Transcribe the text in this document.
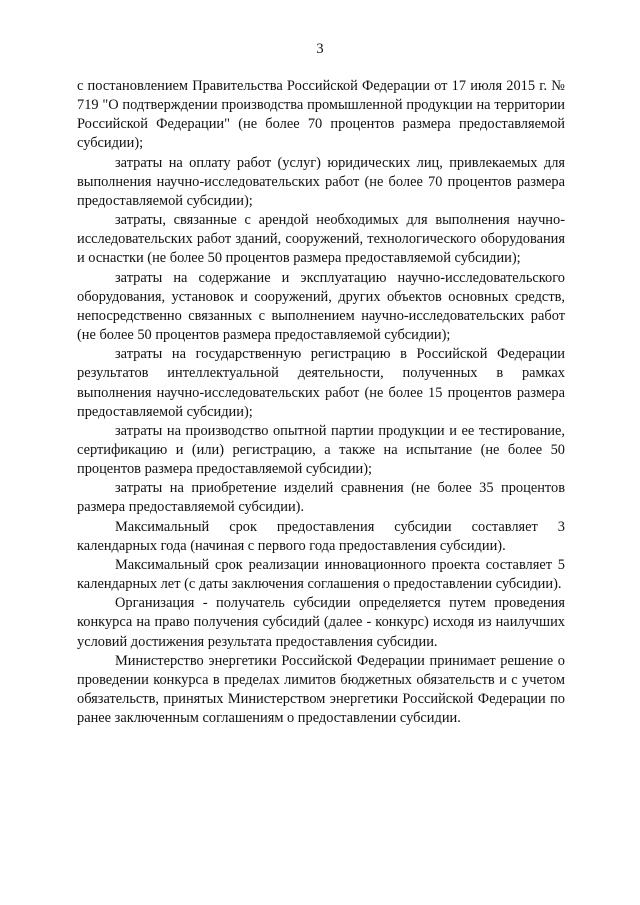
3

с постановлением Правительства Российской Федерации от 17 июля 2015 г. № 719 "О подтверждении производства промышленной продукции на территории Российской Федерации" (не более 70 процентов размера предоставляемой субсидии);

затраты на оплату работ (услуг) юридических лиц, привлекаемых для выполнения научно-исследовательских работ (не более 70 процентов размера предоставляемой субсидии);

затраты, связанные с арендой необходимых для выполнения научно-исследовательских работ зданий, сооружений, технологического оборудования и оснастки (не более 50 процентов размера предоставляемой субсидии);

затраты на содержание и эксплуатацию научно-исследовательского оборудования, установок и сооружений, других объектов основных средств, непосредственно связанных с выполнением научно-исследовательских работ (не более 50 процентов размера предоставляемой субсидии);

затраты на государственную регистрацию в Российской Федерации результатов интеллектуальной деятельности, полученных в рамках выполнения научно-исследовательских работ (не более 15 процентов размера предоставляемой субсидии);

затраты на производство опытной партии продукции и ее тестирование, сертификацию и (или) регистрацию, а также на испытание (не более 50 процентов размера предоставляемой субсидии);

затраты на приобретение изделий сравнения (не более 35 процентов размера предоставляемой субсидии).

Максимальный срок предоставления субсидии составляет 3 календарных года (начиная с первого года предоставления субсидии).

Максимальный срок реализации инновационного проекта составляет 5 календарных лет (с даты заключения соглашения о предоставлении субсидии).

Организация - получатель субсидии определяется путем проведения конкурса на право получения субсидий (далее - конкурс) исходя из наилучших условий достижения результата предоставления субсидии.

Министерство энергетики Российской Федерации принимает решение о проведении конкурса в пределах лимитов бюджетных обязательств и с учетом обязательств, принятых Министерством энергетики Российской Федерации по ранее заключенным соглашениям о предоставлении субсидии.
